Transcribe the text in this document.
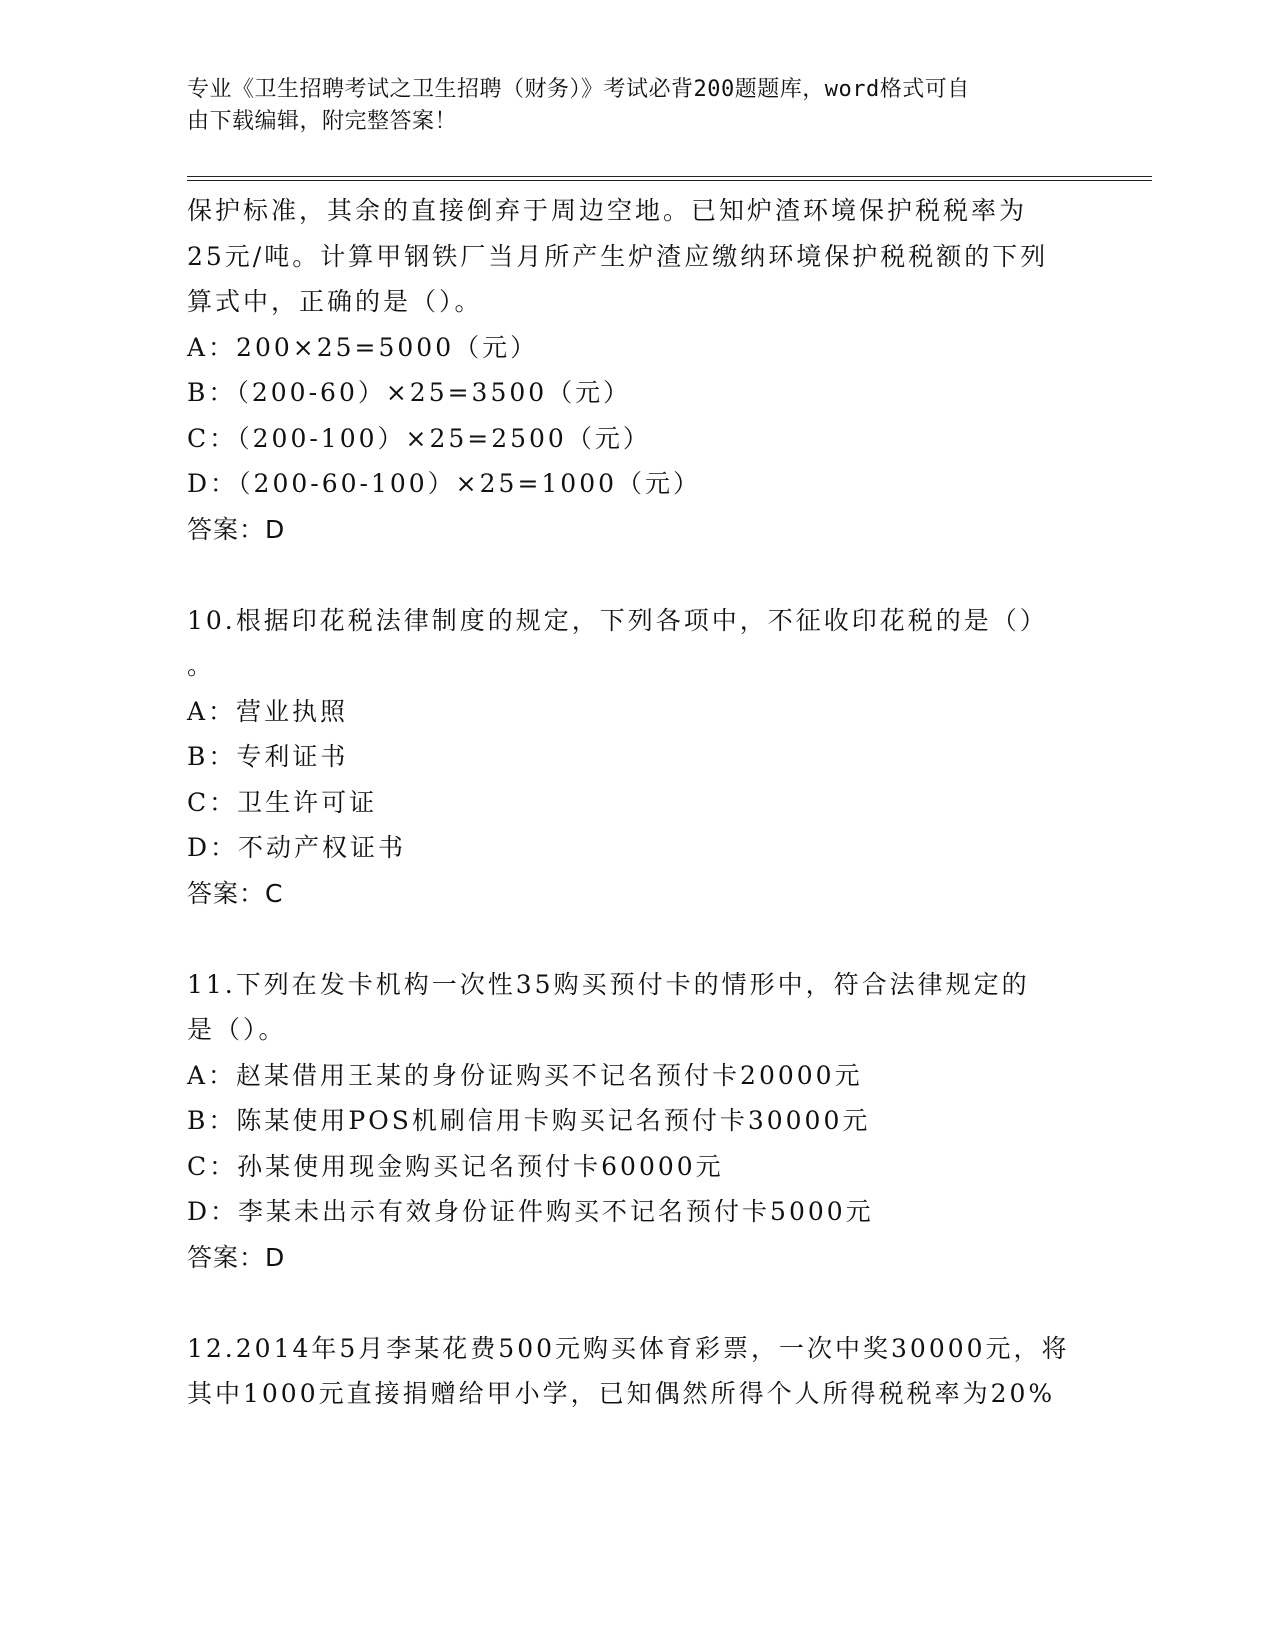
专业《卫生招聘考试之卫生招聘（财务）》考试必背200题题库，word格式可自
由下载编辑，附完整答案！
保护标准，其余的直接倒弃于周边空地。已知炉渣环境保护税税率为
25元/吨。计算甲钢铁厂当月所产生炉渣应缴纳环境保护税税额的下列
算式中，正确的是（）。
A：200×25=5000（元）
B：（200-60）×25=3500（元）
C：（200-100）×25=2500（元）
D：（200-60-100）×25=1000（元）
答案：D
10.根据印花税法律制度的规定，下列各项中，不征收印花税的是（）
。
A：营业执照
B：专利证书
C：卫生许可证
D：不动产权证书
答案：C
11.下列在发卡机构一次性35购买预付卡的情形中，符合法律规定的
是（）。
A：赵某借用王某的身份证购买不记名预付卡20000元
B：陈某使用POS机刷信用卡购买记名预付卡30000元
C：孙某使用现金购买记名预付卡60000元
D：李某未出示有效身份证件购买不记名预付卡5000元
答案：D
12.2014年5月李某花费500元购买体育彩票，一次中奖30000元，将
其中1000元直接捐赠给甲小学，已知偶然所得个人所得税税率为20%
